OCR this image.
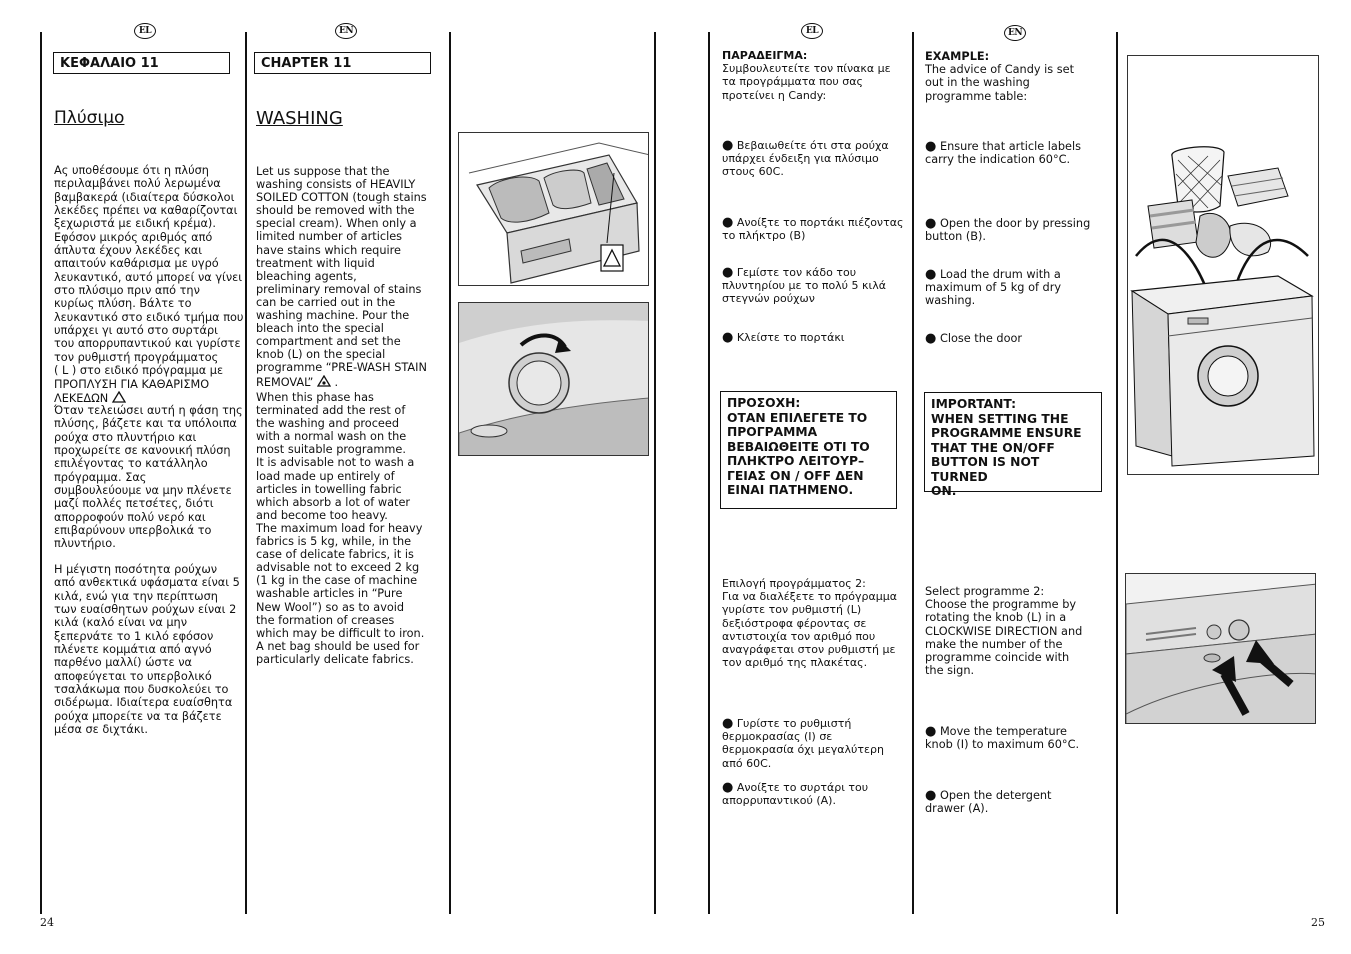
EL	EN	EL	EN
ΚΕΦΑΛΑΙΟ 11
Πλύσιμο
Ας υποθέσουμε ότι η πλύση
περιλαμβάνει πολύ λερωμένα
βαμβακερά (ιδιαίτερα δύσκολοι
λεκέδες πρέπει να καθαρίζονται
ξεχωριστά με ειδική κρέμα).
Εφόσον μικρός αριθμός από
άπλυτα έχουν λεκέδες και
απαιτούν καθάρισμα με υγρό
λευκαντικό, αυτό μπορεί να γίνει
στο πλύσιμο πριν από την
κυρίως πλύση. Βάλτε το
λευκαντικό στο ειδικό τμήμα που
υπάρχει γι αυτό στο συρτάρι
του απορρυπαντικού και γυρίστε
τον ρυθμιστή προγράμματος
( L ) στο ειδικό πρόγραμμα με
ΠΡΟΠΛΥΣΗ ΓΙΑ ΚΑΘΑΡΙΣΜΟ
ΛΕΚΕΔΩΝ
Όταν τελειώσει αυτή η φάση της
πλύσης, βάζετε και τα υπόλοιπα
ρούχα στο πλυντήριο και
προχωρείτε σε κανονική πλύση
επιλέγοντας το κατάλληλο
πρόγραμμα. Σας
συμβουλεύουμε να μην πλένετε
μαζί πολλές πετσέτες, διότι
απορροφούν πολύ νερό και
επιβαρύνουν υπερβολικά το
πλυντήριο.
Η μέγιστη ποσότητα ρούχων
από ανθεκτικά υφάσματα είναι 5
κιλά, ενώ για την περίπτωση
των ευαίσθητων ρούχων είναι 2
κιλά (καλό είναι να μην
ξεπερνάτε το 1 κιλό εφόσον
πλένετε κομμάτια από αγνό
παρθένο μαλλί) ώστε να
αποφεύγεται το υπερβολικό
τσαλάκωμα που δυσκολεύει το
σιδέρωμα. Ιδιαίτερα ευαίσθητα
ρούχα μπορείτε να τα βάζετε
μέσα σε διχτάκι.
CHAPTER 11
WASHING
Let us suppose that the
washing consists of HEAVILY
SOILED COTTON (tough stains
should be removed with the
special cream). When only a
limited number of articles
have stains which require
treatment with liquid
bleaching agents,
preliminary removal of stains
can be carried out in the
washing machine. Pour the
bleach into the special
compartment and set the
knob (L) on the special
programme “PRE-WASH STAIN
REMOVAL”  .
When this phase has
terminated add the rest of
the washing and proceed
with a normal wash on the
most suitable programme.
It is advisable not to wash a
load made up entirely of
articles in towelling fabric
which absorb a lot of water
and become too heavy.
The maximum load for heavy
fabrics is 5 kg, while, in the
case of delicate fabrics, it is
advisable not to exceed 2 kg
(1 kg in the case of machine
washable articles in “Pure
New Wool”) so as to avoid
the formation of creases
which may be difficult to iron.
A net bag should be used for
particularly delicate fabrics.
ΠΑΡΑΔΕΙΓΜΑ:
Συμβουλευτείτε τον πίνακα με
τα προγράμματα που σας
προτείνει η Candy:
● Βεβαιωθείτε ότι στα ρούχα
υπάρχει ένδειξη για πλύσιμο
στους 60C.
● Ανοίξτε το πορτάκι πιέζοντας
το πλήκτρο (B)
● Γεμίστε τον κάδο του
πλυντηρίου με το πολύ 5 κιλά
στεγνών ρούχων
● Κλείστε το πορτάκι
ΠΡΟΣΟΧΗ:
ΟΤΑΝ ΕΠΙΛΕΓΕΤΕ ΤΟ
ΠΡΟΓΡΑΜΜΑ
ΒΕΒΑΙΩΘΕΙΤΕ ΟΤΙ ΤΟ
ΠΛΗΚΤΡΟ ΛΕΙΤΟΥΡ–
ΓΕΙΑΣ ON / OFF ΔΕΝ
ΕΙΝΑΙ ΠΑΤΗΜΕΝΟ.
Επιλογή προγράμματος 2:
Για να διαλέξετε το πρόγραμμα
γυρίστε τον ρυθμιστή (L)
δεξιόστροφα φέροντας σε
αντιστοιχία τον αριθμό που
αναγράφεται στον ρυθμιστή με
τον αριθμό της πλακέτας.
● Γυρίστε το ρυθμιστή
θερμοκρασίας (I) σε
θερμοκρασία όχι μεγαλύτερη
από 60C.
● Ανοίξτε το συρτάρι του
απορρυπαντικού (A).
EXAMPLE:
The advice of Candy is set
out in the washing
programme table:
● Ensure that article labels
carry the indication 60°C.
● Open the door by pressing
button (B).
● Load the drum with a
maximum of 5 kg of dry
washing.
● Close the door
IMPORTANT:
WHEN SETTING THE
PROGRAMME ENSURE
THAT THE ON/OFF
BUTTON IS NOT TURNED
ON.
Select programme 2:
Choose the programme by
rotating the knob (L) in a
CLOCKWISE DIRECTION and
make the number of the
programme coincide with
the sign.
● Move the temperature
knob (I) to maximum 60°C.
● Open the detergent
drawer (A).
24	25
